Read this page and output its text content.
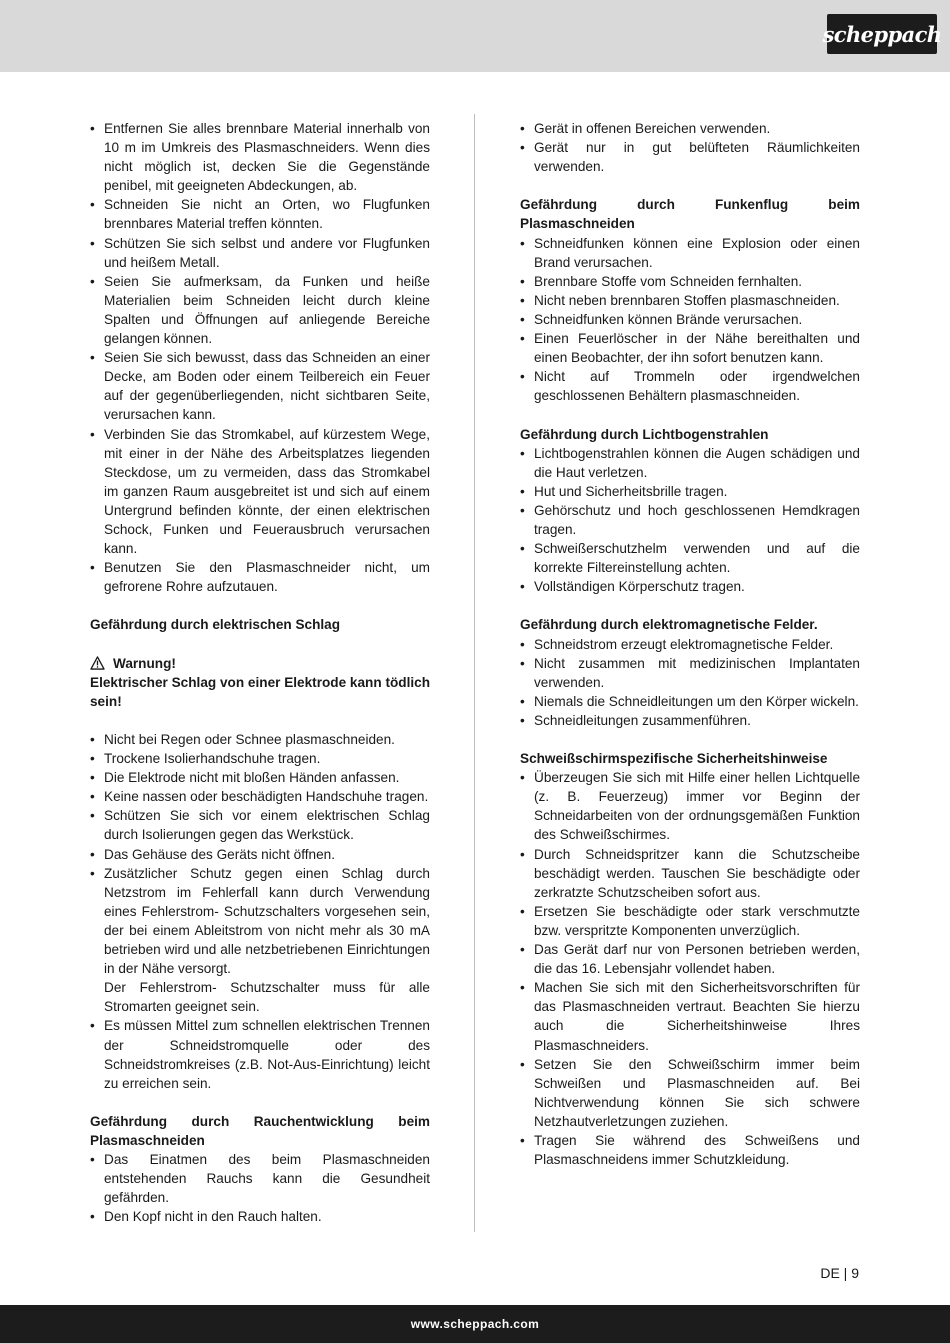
scheppach
• Entfernen Sie alles brennbare Material innerhalb von 10 m im Umkreis des Plasmaschneiders. Wenn dies nicht möglich ist, decken Sie die Gegenstände penibel, mit geeigneten Abdeckungen, ab.
• Schneiden Sie nicht an Orten, wo Flugfunken brennbares Material treffen könnten.
• Schützen Sie sich selbst und andere vor Flugfunken und heißem Metall.
• Seien Sie aufmerksam, da Funken und heiße Materialien beim Schneiden leicht durch kleine Spalten und Öffnungen auf anliegende Bereiche gelangen können.
• Seien Sie sich bewusst, dass das Schneiden an einer Decke, am Boden oder einem Teilbereich ein Feuer auf der gegenüberliegenden, nicht sichtbaren Seite, verursachen kann.
• Verbinden Sie das Stromkabel, auf kürzestem Wege, mit einer in der Nähe des Arbeitsplatzes liegenden Steckdose, um zu vermeiden, dass das Stromkabel im ganzen Raum ausgebreitet ist und sich auf einem Untergrund befinden könnte, der einen elektrischen Schock, Funken und Feuerausbruch verursachen kann.
• Benutzen Sie den Plasmaschneider nicht, um gefrorene Rohre aufzutauen.

Gefährdung durch elektrischen Schlag

Warnung!

Elektrischer Schlag von einer Elektrode kann tödlich sein!

• Nicht bei Regen oder Schnee plasmaschneiden.
• Trockene Isolierhandschuhe tragen.
• Die Elektrode nicht mit bloßen Händen anfassen.
• Keine nassen oder beschädigten Handschuhe tragen.
• Schützen Sie sich vor einem elektrischen Schlag durch Isolierungen gegen das Werkstück.
• Das Gehäuse des Geräts nicht öffnen.
• Zusätzlicher Schutz gegen einen Schlag durch Netzstrom im Fehlerfall kann durch Verwendung eines Fehlerstrom- Schutzschalters vorgesehen sein, der bei einem Ableitstrom von nicht mehr als 30 mA betrieben wird und alle netzbetriebenen Einrichtungen in der Nähe versorgt.
Der Fehlerstrom- Schutzschalter muss für alle Stromarten geeignet sein.
• Es müssen Mittel zum schnellen elektrischen Trennen der Schneidstromquelle oder des Schneidstromkreises (z.B. Not-Aus-Einrichtung) leicht zu erreichen sein.

Gefährdung durch Rauchentwicklung beim Plasmaschneiden

• Das Einatmen des beim Plasmaschneiden entstehenden Rauchs kann die Gesundheit gefährden.
• Den Kopf nicht in den Rauch halten.
• Gerät in offenen Bereichen verwenden.
• Gerät nur in gut belüfteten Räumlichkeiten verwenden.

Gefährdung durch Funkenflug beim Plasmaschneiden

• Schneidfunken können eine Explosion oder einen Brand verursachen.
• Brennbare Stoffe vom Schneiden fernhalten.
• Nicht neben brennbaren Stoffen plasmaschneiden.
• Schneidfunken können Brände verursachen.
• Einen Feuerlöscher in der Nähe bereithalten und einen Beobachter, der ihn sofort benutzen kann.
• Nicht auf Trommeln oder irgendwelchen geschlossenen Behältern plasmaschneiden.

Gefährdung durch Lichtbogenstrahlen

• Lichtbogenstrahlen können die Augen schädigen und die Haut verletzen.
• Hut und Sicherheitsbrille tragen.
• Gehörschutz und hoch geschlossenen Hemdkragen tragen.
• Schweißerschutzhelm verwenden und auf die korrekte Filtereinstellung achten.
• Vollständigen Körperschutz tragen.

Gefährdung durch elektromagnetische Felder.

• Schneidstrom erzeugt elektromagnetische Felder.
• Nicht zusammen mit medizinischen Implantaten verwenden.
• Niemals die Schneidleitungen um den Körper wickeln.
• Schneidleitungen zusammenführen.

Schweißschirmspezifische Sicherheitshinweise

• Überzeugen Sie sich mit Hilfe einer hellen Lichtquelle (z. B. Feuerzeug) immer vor Beginn der Schneidarbeiten von der ordnungsgemäßen Funktion des Schweißschirmes.
• Durch Schneidspritzer kann die Schutzscheibe beschädigt werden. Tauschen Sie beschädigte oder zerkratzte Schutzscheiben sofort aus.
• Ersetzen Sie beschädigte oder stark verschmutzte bzw. verspritzte Komponenten unverzüglich.
• Das Gerät darf nur von Personen betrieben werden, die das 16. Lebensjahr vollendet haben.
• Machen Sie sich mit den Sicherheitsvorschriften für das Plasmaschneiden vertraut. Beachten Sie hierzu auch die Sicherheitshinweise Ihres Plasmaschneiders.
• Setzen Sie den Schweißschirm immer beim Schweißen und Plasmaschneiden auf. Bei Nichtverwendung können Sie sich schwere Netzhautverletzungen zuziehen.
• Tragen Sie während des Schweißens und Plasmaschneidens immer Schutzkleidung.
DE | 9
www.scheppach.com
